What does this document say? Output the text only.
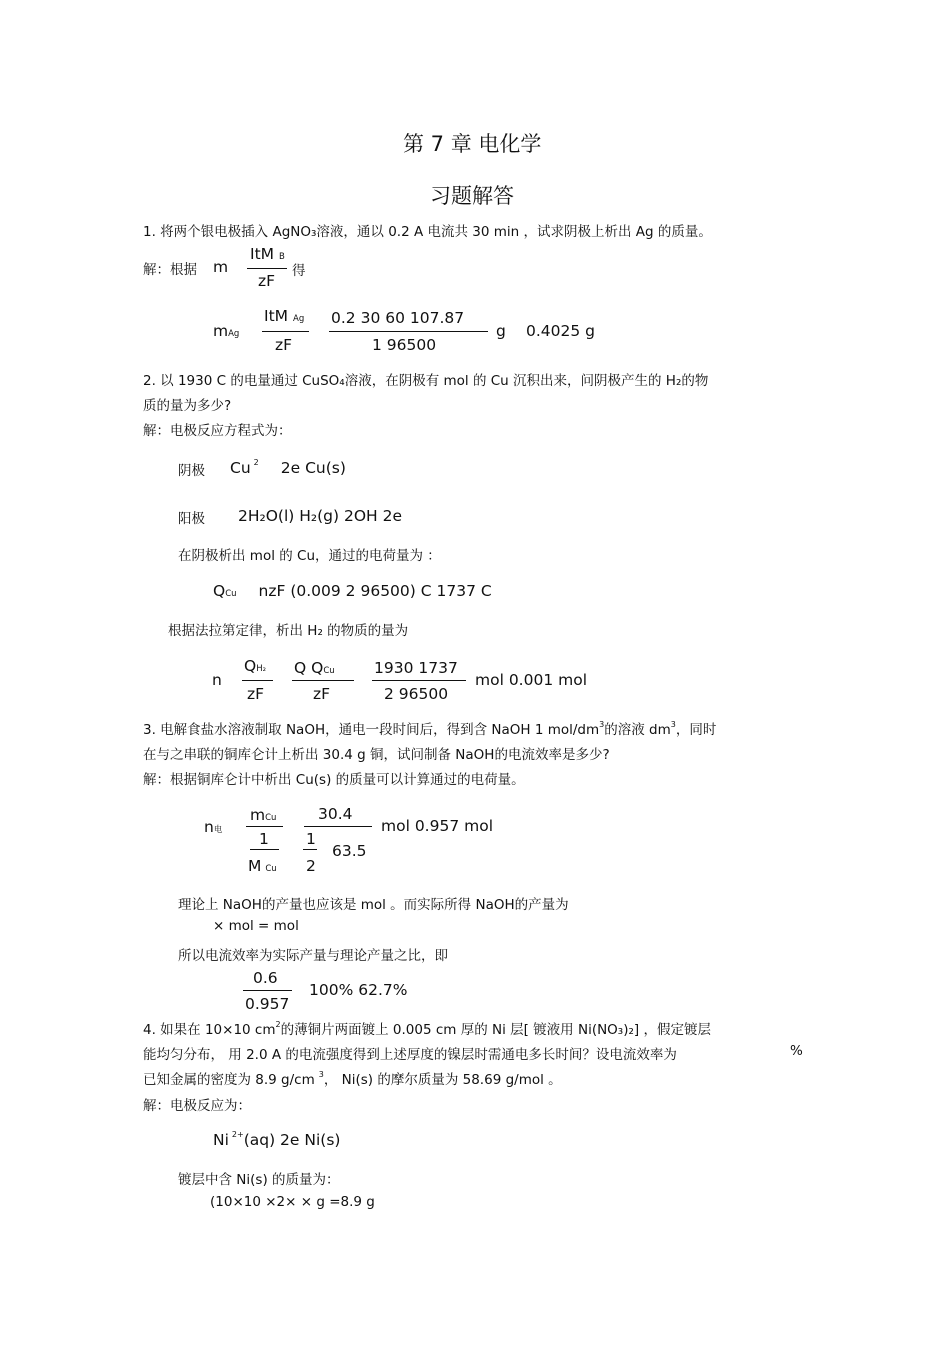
第 7 章 电化学
习题解答
1. 将两个银电极插入 AgNO₃溶液，通以 0.2 A 电流共 30 min ，试求阴极上析出 Ag 的质量。
解：根据 m
ItM B
zF
得
mAg
ItM Ag
zF
0.2 30 60 107.87
1 96500
g 0.4025 g
2. 以 1930 C 的电量通过 CuSO₄溶液，在阴极有 mol 的 Cu 沉积出来，问阴极产生的 H₂的物
质的量为多少?
解：电极反应方程式为：
阴极 Cu $^2$ 2e Cu(s)
阳极 2H₂O(l) H₂(g) 2OH 2e
在阴极析出 mol 的 Cu，通过的电荷量为 ：
QCu nzF (0.009 2 96500) C 1737 C
根据法拉第定律，析出 H₂ 的物质的量为
n
QH₂
zF
Q QCu
zF
1930 1737
2 96500
mol 0.001 mol
3. 电解食盐水溶液制取 NaOH，通电一段时间后，得到含 NaOH 1 mol/$dm^3$的溶液 $dm^3$，同时
在与之串联的铜库仑计上析出 30.4 g 铜，试问制备 NaOH的电流效率是多少?
解：根据铜库仑计中析出 Cu(s) 的质量可以计算通过的电荷量。
n电
mCu
1
M Cu
30.4
1
2
63.5
mol 0.957 mol
理论上 NaOH的产量也应该是 mol 。而实际所得 NaOH的产量为
× mol = mol
所以电流效率为实际产量与理论产量之比，即
0.6
0.957
100% 62.7%
4. 如果在 10×10 $cm^2$的薄铜片两面镀上 0.005 cm 厚的 Ni 层[ 镀液用 Ni(NO₃)₂] ，假定镀层
能均匀分布， 用 2.0 A 的电流强度得到上述厚度的镍层时需通电多长时间？设电流效率为	%
已知金属的密度为 8.9 g/cm $^3$， Ni(s) 的摩尔质量为 58.69 g/mol 。
解：电极反应为：
Ni $^{2+}$(aq) 2e Ni(s)
镀层中含 Ni(s) 的质量为：
(10×10 ×2× × g =8.9 g
